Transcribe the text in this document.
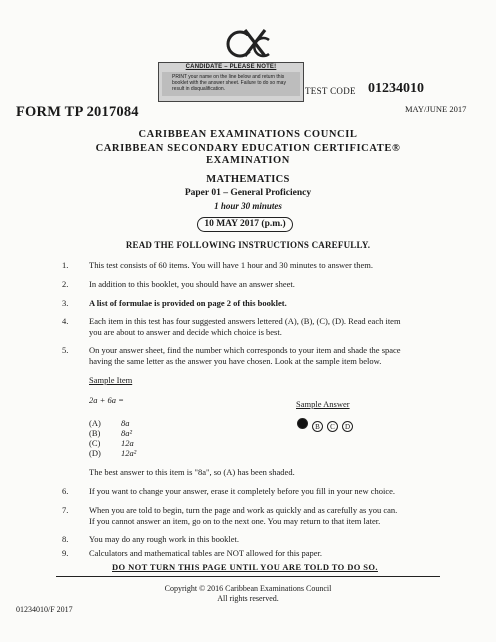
CANDIDATE – PLEASE NOTE!
PRINT your name on the line below and return this booklet with the answer sheet. Failure to do so may result in disqualification.
FORM TP 2017084
TEST CODE 01234010
MAY/JUNE 2017
CARIBBEAN EXAMINATIONS COUNCIL
CARIBBEAN SECONDARY EDUCATION CERTIFICATE®
EXAMINATION
MATHEMATICS
Paper 01 – General Proficiency
1 hour 30 minutes
10 MAY 2017 (p.m.)
READ THE FOLLOWING INSTRUCTIONS CAREFULLY.
1.	This test consists of 60 items. You will have 1 hour and 30 minutes to answer them.
2.	In addition to this booklet, you should have an answer sheet.
3.	A list of formulae is provided on page 2 of this booklet.
4.	Each item in this test has four suggested answers lettered (A), (B), (C), (D). Read each item
you are about to answer and decide which choice is best.
5.	On your answer sheet, find the number which corresponds to your item and shade the space
having the same letter as the answer you have chosen. Look at the sample item below.
Sample Item
2a + 6a =	Sample Answer
(A)	8a
(B)	8a²
(C)	12a
(D)	12a²
B C D
The best answer to this item is "8a", so (A) has been shaded.
6.	If you want to change your answer, erase it completely before you fill in your new choice.
7.	When you are told to begin, turn the page and work as quickly and as carefully as you can.
If you cannot answer an item, go on to the next one. You may return to that item later.
8.	You may do any rough work in this booklet.
9.	Calculators and mathematical tables are NOT allowed for this paper.
DO NOT TURN THIS PAGE UNTIL YOU ARE TOLD TO DO SO.
Copyright © 2016 Caribbean Examinations Council
All rights reserved.
01234010/F 2017
